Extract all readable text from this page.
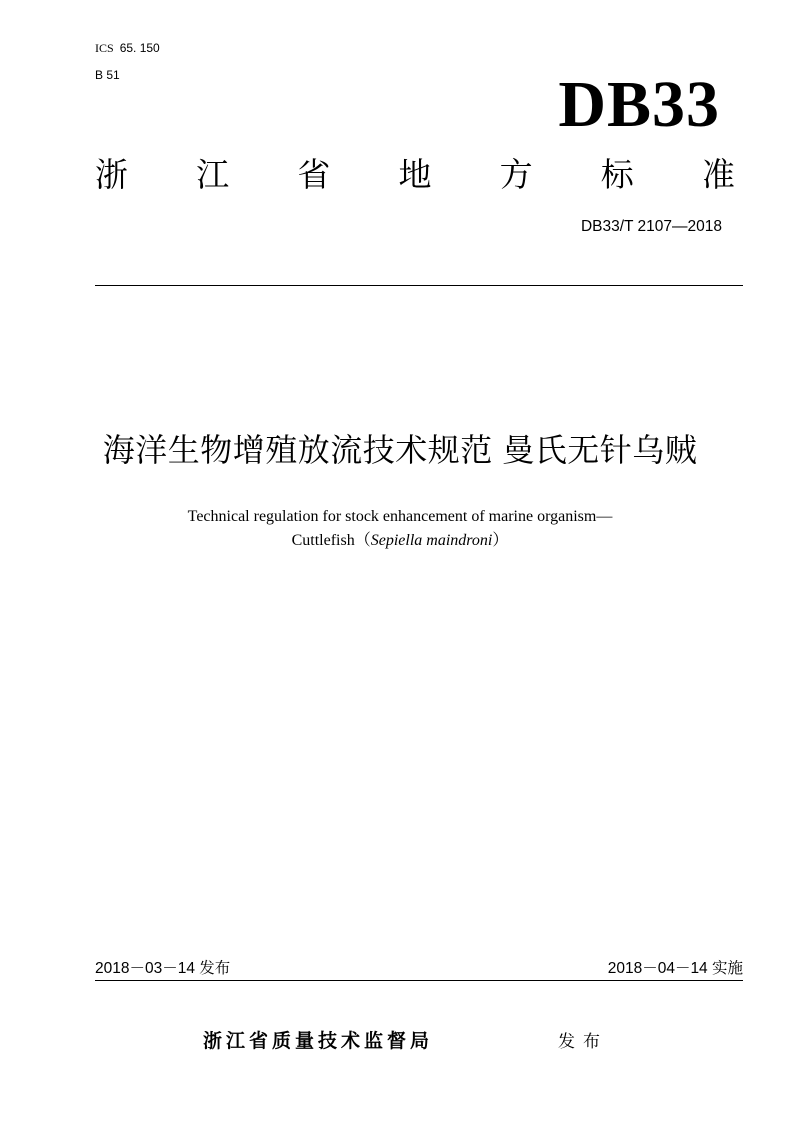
ICS 65. 150
B 51	DB33
浙 江 省 地 方 标 准
DB33/T 2107—2018
海洋生物增殖放流技术规范 曼氏无针乌贼
Technical regulation for stock enhancement of marine organism—
Cuttlefish（Sepiella maindroni）
2018－03－14 发布	2018－04－14 实施
浙江省质量技术监督局	发布
